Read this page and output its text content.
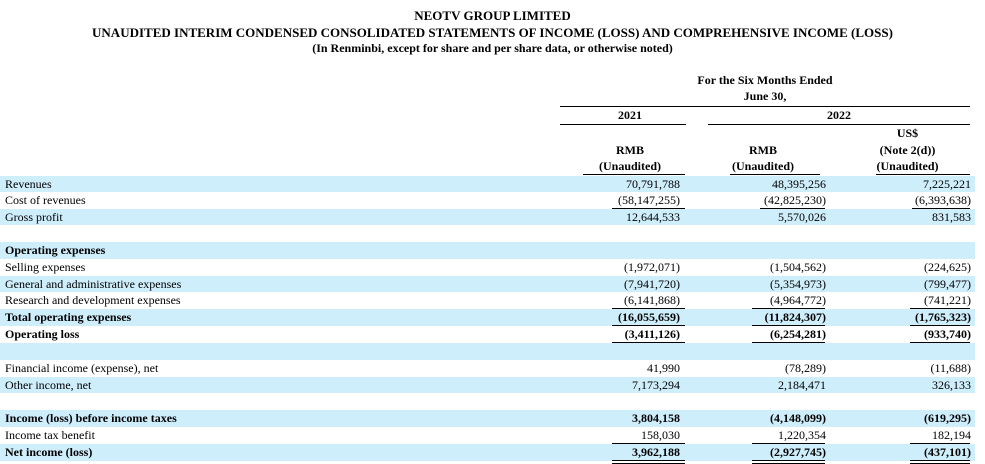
NEOTV GROUP LIMITED
UNAUDITED INTERIM CONDENSED CONSOLIDATED STATEMENTS OF INCOME (LOSS) AND COMPREHENSIVE INCOME (LOSS)
(In Renminbi, except for share and per share data, or otherwise noted)
For the Six Months Ended
June 30,
2021	2022
US$
RMB	RMB	(Note 2(d))
(Unaudited)	(Unaudited)	(Unaudited)
Revenues	70,791,788	48,395,256	7,225,221
Cost of revenues	(58,147,255)	(42,825,230)	(6,393,638)
Gross profit	12,644,533	5,570,026	831,583
Operating expenses
Selling expenses	(1,972,071)	(1,504,562)	(224,625)
General and administrative expenses	(7,941,720)	(5,354,973)	(799,477)
Research and development expenses	(6,141,868)	(4,964,772)	(741,221)
Total operating expenses	(16,055,659)	(11,824,307)	(1,765,323)
Operating loss	(3,411,126)	(6,254,281)	(933,740)
Financial income (expense), net	41,990	(78,289)	(11,688)
Other income, net	7,173,294	2,184,471	326,133
Income (loss) before income taxes	3,804,158	(4,148,099)	(619,295)
Income tax benefit	158,030	1,220,354	182,194
Net income (loss)	3,962,188	(2,927,745)	(437,101)
